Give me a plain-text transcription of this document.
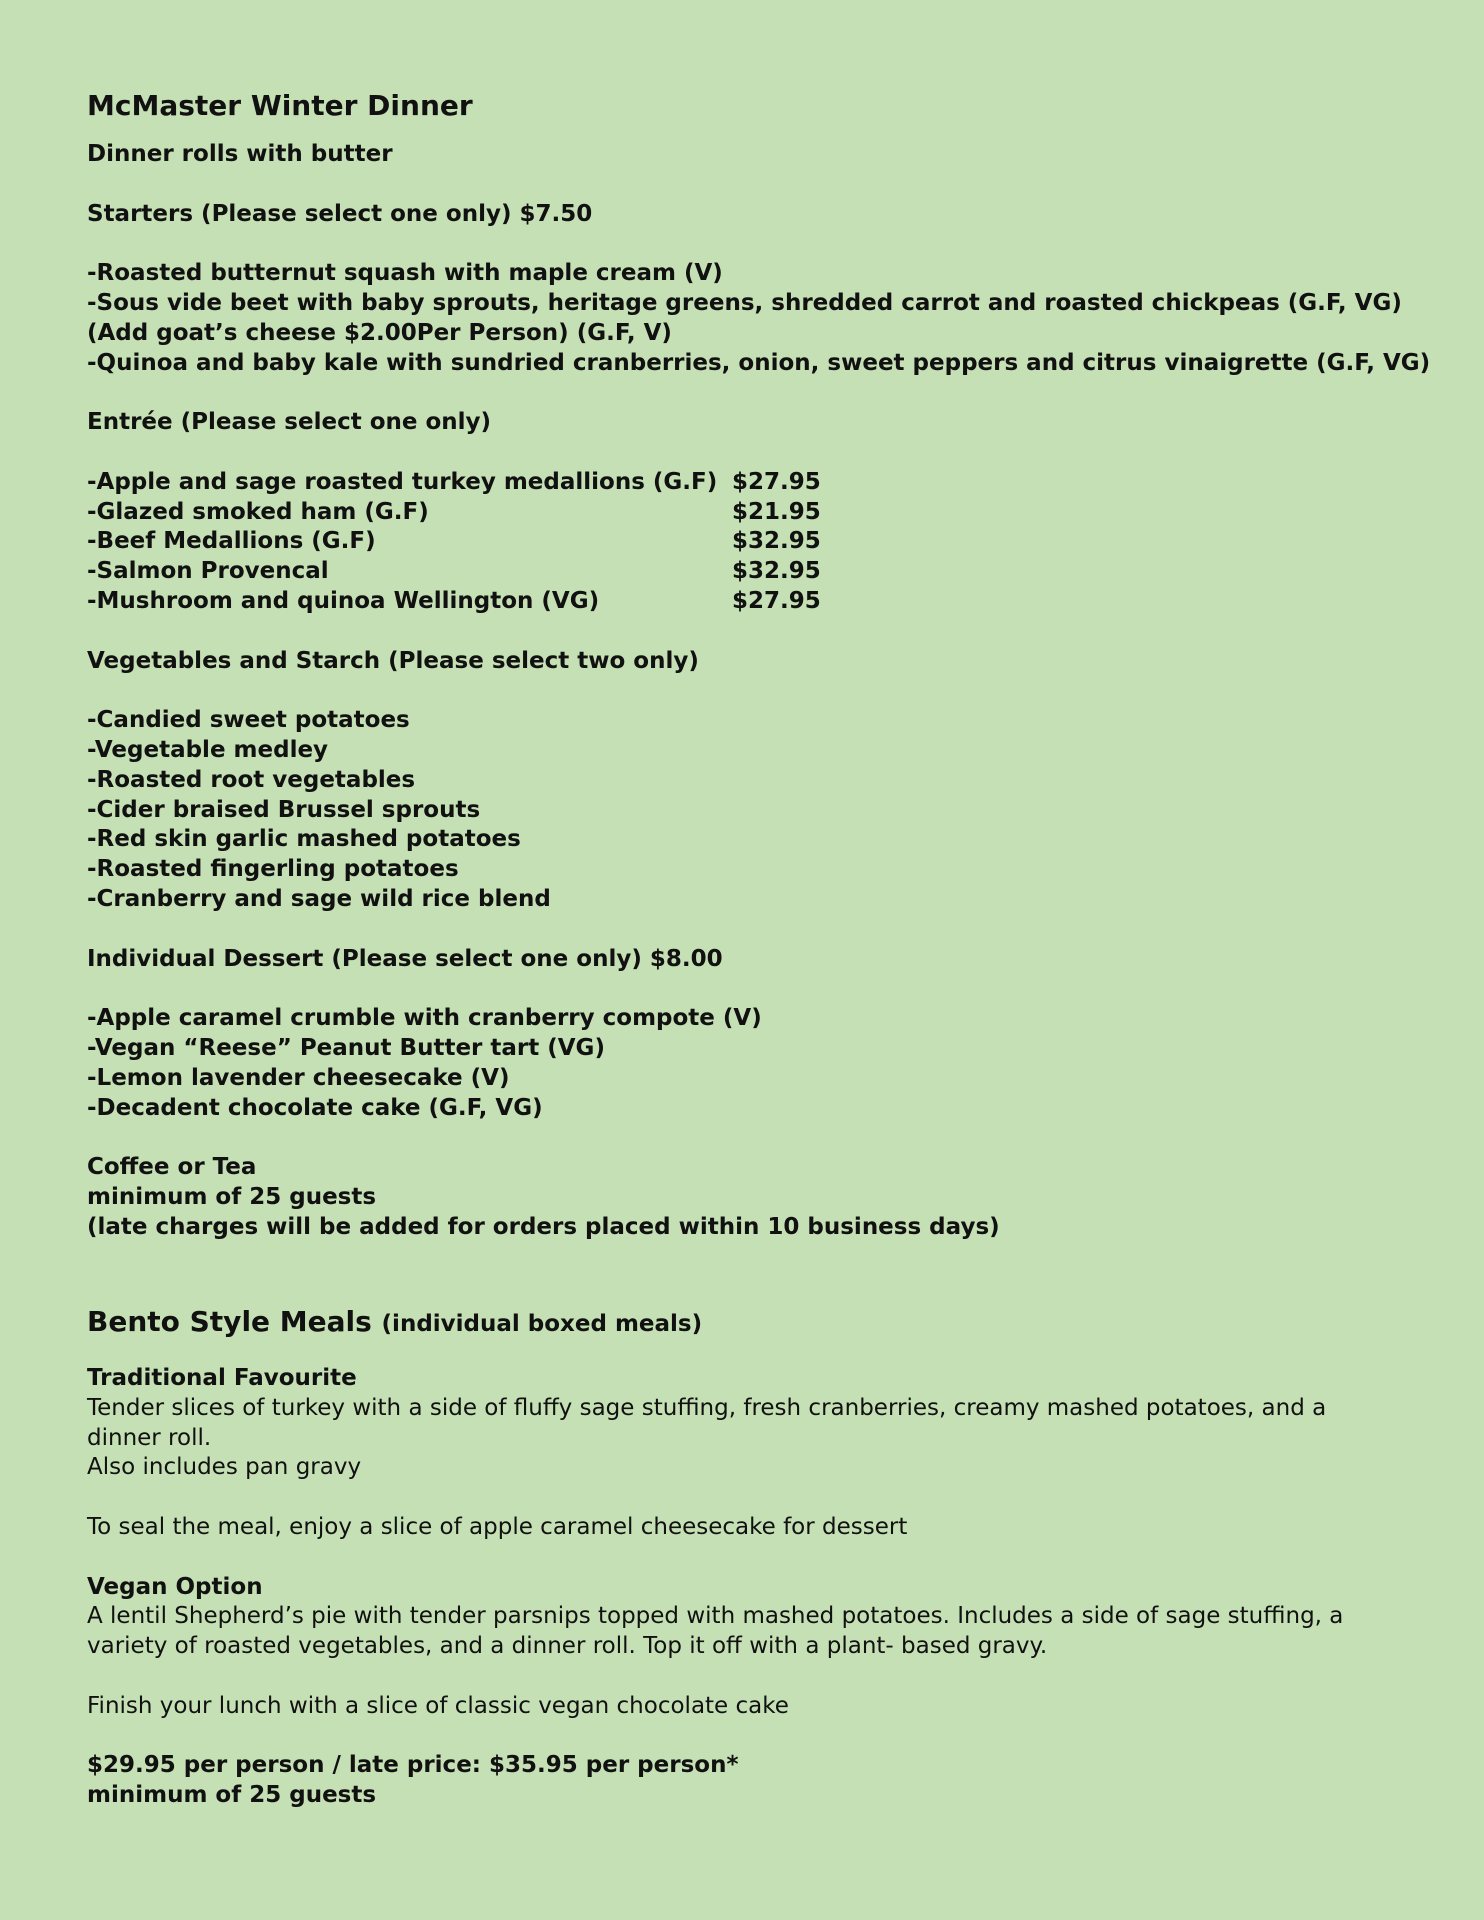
McMaster Winter Dinner
Dinner rolls with butter
Starters (Please select one only) $7.50
-Roasted butternut squash with maple cream (V)
-Sous vide beet with baby sprouts, heritage greens, shredded carrot and roasted chickpeas (G.F, VG)
(Add goat’s cheese $2.00Per Person) (G.F, V)
-Quinoa and baby kale with sundried cranberries, onion, sweet peppers and citrus vinaigrette (G.F, VG)
Entrée (Please select one only)
-Apple and sage roasted turkey medallions (G.F) $27.95
-Glazed smoked ham (G.F)	$21.95
-Beef Medallions (G.F)	$32.95
-Salmon Provencal	$32.95
-Mushroom and quinoa Wellington (VG)	$27.95
Vegetables and Starch (Please select two only)
-Candied sweet potatoes
-Vegetable medley
-Roasted root vegetables
-Cider braised Brussel sprouts
-Red skin garlic mashed potatoes
-Roasted fingerling potatoes
-Cranberry and sage wild rice blend
Individual Dessert (Please select one only) $8.00
-Apple caramel crumble with cranberry compote (V)
-Vegan “Reese” Peanut Butter tart (VG)
-Lemon lavender cheesecake (V)
-Decadent chocolate cake (G.F, VG)
Coffee or Tea
minimum of 25 guests
(late charges will be added for orders placed within 10 business days)
Bento Style Meals (individual boxed meals)
Traditional Favourite
Tender slices of turkey with a side of fluffy sage stuffing, fresh cranberries, creamy mashed potatoes, and a dinner roll.
Also includes pan gravy
To seal the meal, enjoy a slice of apple caramel cheesecake for dessert
Vegan Option
A lentil Shepherd’s pie with tender parsnips topped with mashed potatoes. Includes a side of sage stuffing, a variety of roasted vegetables, and a dinner roll. Top it off with a plant- based gravy.
Finish your lunch with a slice of classic vegan chocolate cake
$29.95 per person / late price: $35.95 per person*
minimum of 25 guests
